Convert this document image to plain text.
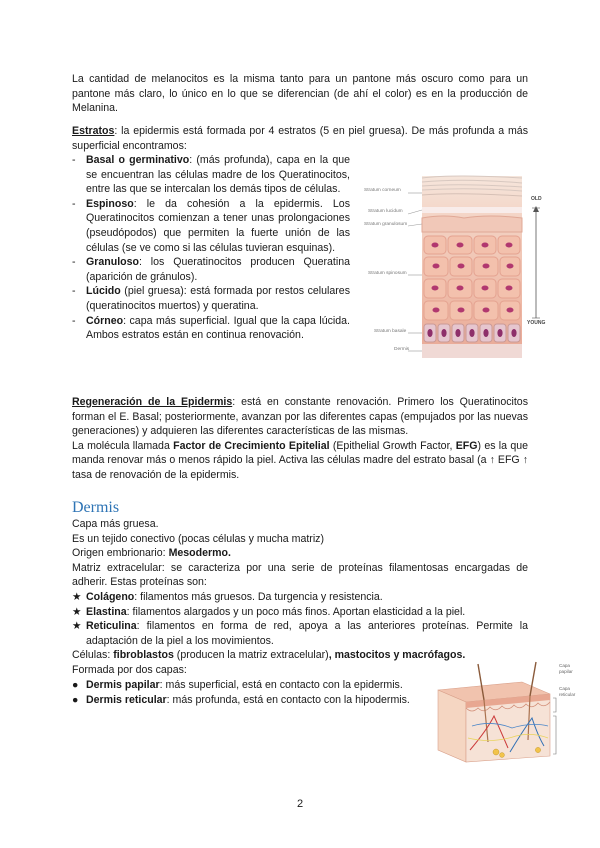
La cantidad de melanocitos es la misma tanto para un pantone más oscuro como para un pantone más claro, lo único en lo que se diferencian (de ahí el color) es en la producción de Melanina.

Estratos: la epidermis está formada por 4 estratos (5 en piel gruesa). De más profunda a más superficial encontramos:

- Basal o germinativo: (más profunda), capa en la que se encuentran las células madre de los Queratinocitos, entre las que se intercalan los demás tipos de células.
- Espinoso: le da cohesión a la epidermis. Los Queratinocitos comienzan a tener unas prolongaciones (pseudópodos) que permiten la fuerte unión de las células (se ve como si las células tuvieran esquinas).
- Granuloso: los Queratinocitos producen Queratina (aparición de gránulos).
- Lúcido (piel gruesa): está formada por restos celulares (queratinocitos muertos) y queratina.
- Córneo: capa más superficial. Igual que la capa lúcida. Ambos estratos están en continua renovación.
Stratum corneum
Stratum lucidum
Stratum granulosum
Stratum spinosum
Stratum basale
Dermis
OLD
YOUNG

Regeneración de la Epidermis: está en constante renovación. Primero los Queratinocitos forman el E. Basal; posteriormente, avanzan por las diferentes capas (empujados por las nuevas generaciones) y adquieren las diferentes características de las mismas.

La molécula llamada Factor de Crecimiento Epitelial (Epithelial Growth Factor, EFG) es la que manda renovar más o menos rápido la piel. Activa las células madre del estrato basal (a ↑ EFG ↑ tasa de renovación de la epidermis.

Dermis

Capa más gruesa.

Es un tejido conectivo (pocas células y mucha matriz)

Origen embrionario: Mesodermo.

Matriz extracelular: se caracteriza por una serie de proteínas filamentosas encargadas de adherir. Estas proteínas son:

★ Colágeno: filamentos más gruesos. Da turgencia y resistencia.
★ Elastina: filamentos alargados y un poco más finos. Aportan elasticidad a la piel.
★ Reticulina: filamentos en forma de red, apoya a las anteriores proteínas. Permite la adaptación de la piel a los movimientos.

Células: fibroblastos (producen la matriz extracelular), mastocitos y macrófagos.

Formada por dos capas:

● Dermis papilar: más superficial, está en contacto con la epidermis.
● Dermis reticular: más profunda, está en contacto con la hipodermis.
Capa papilar
Capa reticular
2
